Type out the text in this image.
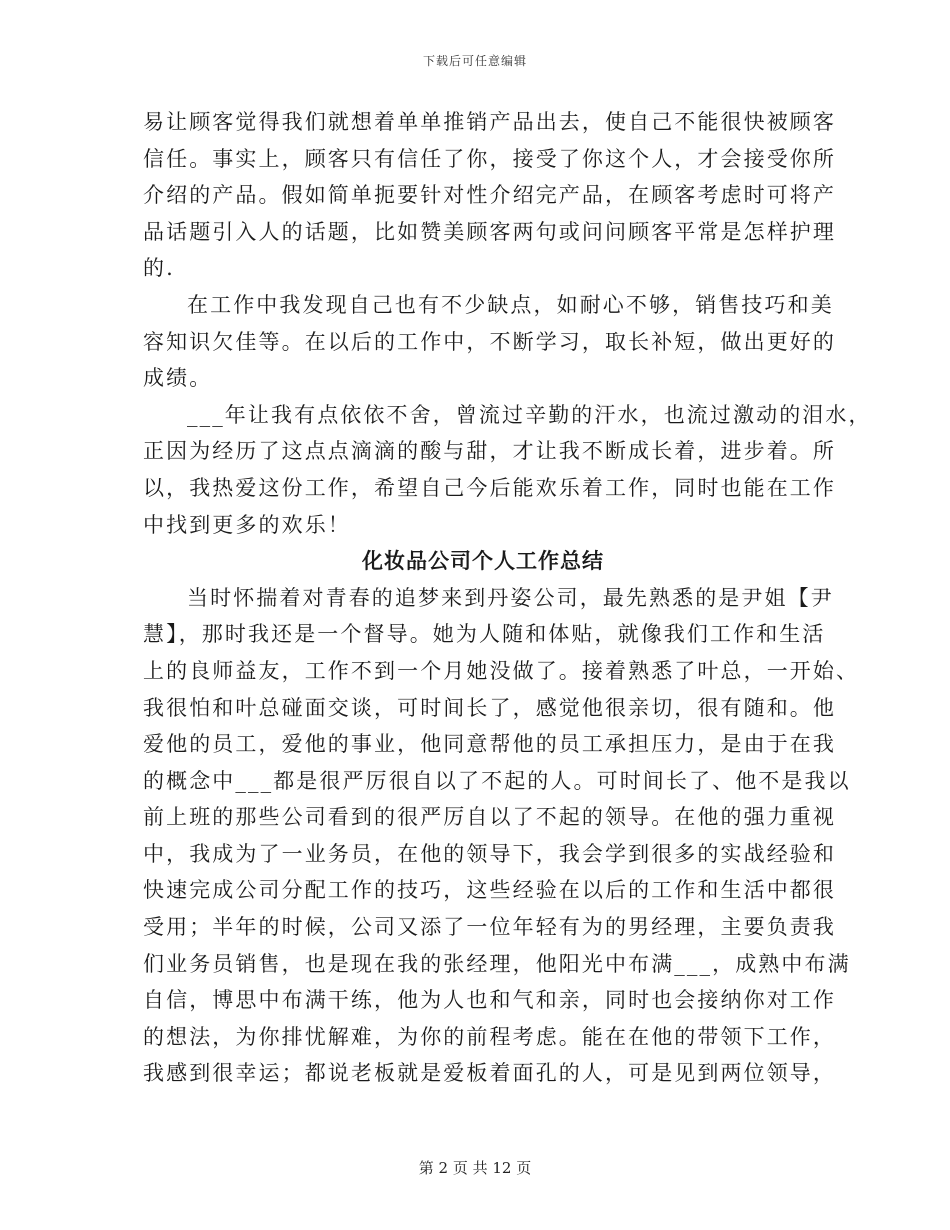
下载后可任意编辑
易让顾客觉得我们就想着单单推销产品出去，使自己不能很快被顾客
信任。事实上，顾客只有信任了你，接受了你这个人，才会接受你所
介绍的产品。假如简单扼要针对性介绍完产品，在顾客考虑时可将产
品话题引入人的话题，比如赞美顾客两句或问问顾客平常是怎样护理
的.
在工作中我发现自己也有不少缺点，如耐心不够，销售技巧和美
容知识欠佳等。在以后的工作中，不断学习，取长补短，做出更好的
成绩。
___年让我有点依依不舍，曾流过辛勤的汗水，也流过激动的泪水，
正因为经历了这点点滴滴的酸与甜，才让我不断成长着，进步着。所
以，我热爱这份工作，希望自己今后能欢乐着工作，同时也能在工作
中找到更多的欢乐！
化妆品公司个人工作总结
当时怀揣着对青春的追梦来到丹姿公司，最先熟悉的是尹姐【尹
慧】，那时我还是一个督导。她为人随和体贴，就像我们工作和生活
上的良师益友，工作不到一个月她没做了。接着熟悉了叶总，一开始、
我很怕和叶总碰面交谈，可时间长了，感觉他很亲切，很有随和。他
爱他的员工，爱他的事业，他同意帮他的员工承担压力，是由于在我
的概念中___都是很严厉很自以了不起的人。可时间长了、他不是我以
前上班的那些公司看到的很严厉自以了不起的领导。在他的强力重视
中，我成为了一业务员，在他的领导下，我会学到很多的实战经验和
快速完成公司分配工作的技巧，这些经验在以后的工作和生活中都很
受用；半年的时候，公司又添了一位年轻有为的男经理，主要负责我
们业务员销售，也是现在我的张经理，他阳光中布满___，成熟中布满
自信，博思中布满干练，他为人也和气和亲，同时也会接纳你对工作
的想法，为你排忧解难，为你的前程考虑。能在在他的带领下工作，
我感到很幸运；都说老板就是爱板着面孔的人，可是见到两位领导，
第 2 页 共 12 页
